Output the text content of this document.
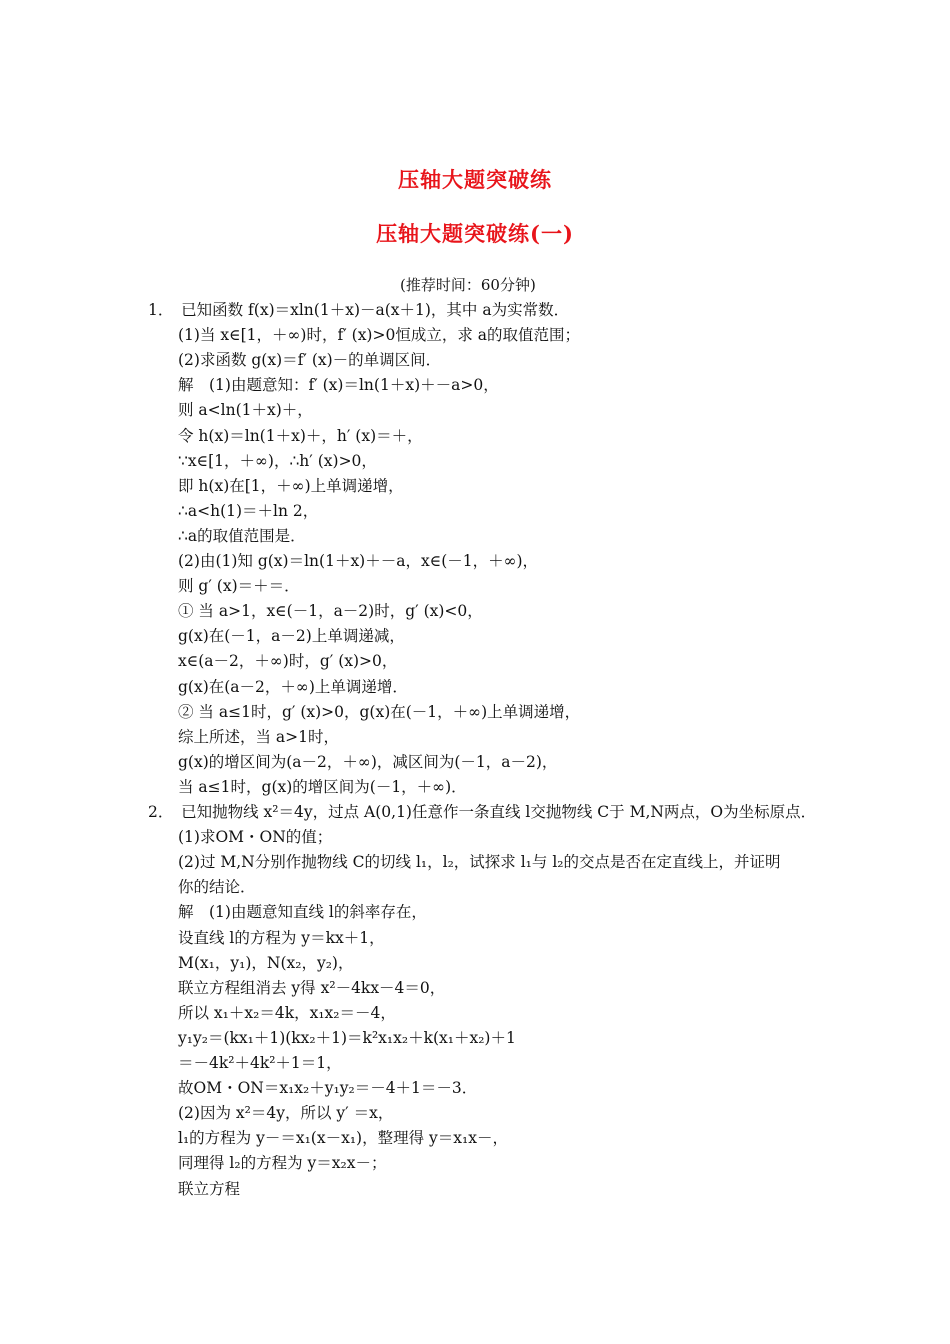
压轴大题突破练
压轴大题突破练(一)
(推荐时间：60分钟)
1．　已知函数 f(x)＝xln(1＋x)－a(x＋1)，其中 a为实常数．
(1)当 x∈[1，＋∞)时，f′ (x)>0恒成立，求 a的取值范围；
(2)求函数 g(x)＝f′ (x)－的单调区间．
解　(1)由题意知：f′ (x)＝ln(1＋x)＋－a>0，
则 a<ln(1＋x)＋，
令 h(x)＝ln(1＋x)＋，h′ (x)＝＋，
∵x∈[1，＋∞)，∴h′ (x)>0，
即 h(x)在[1，＋∞)上单调递增，
∴a<h(1)＝＋ln 2，
∴a的取值范围是．
(2)由(1)知 g(x)＝ln(1＋x)＋－a，x∈(－1，＋∞)，
则 g′ (x)＝＋＝．
① 当 a>1，x∈(－1，a－2)时，g′ (x)<0，
g(x)在(－1，a－2)上单调递减，
x∈(a－2，＋∞)时，g′ (x)>0，
g(x)在(a－2，＋∞)上单调递增．
② 当 a≤1时，g′ (x)>0，g(x)在(－1，＋∞)上单调递增，
综上所述，当 a>1时，
g(x)的增区间为(a－2，＋∞)，减区间为(－1，a－2)，
当 a≤1时，g(x)的增区间为(－1，＋∞)．
2．　已知抛物线 x²＝4y，过点 A(0,1)任意作一条直线 l交抛物线 C于 M,N两点，O为坐标原点．
(1)求OM・ON的值；
(2)过 M,N分别作抛物线 C的切线 l₁，l₂，试探求 l₁与 l₂的交点是否在定直线上，并证明
你的结论．
解　(1)由题意知直线 l的斜率存在，
设直线 l的方程为 y＝kx＋1，
M(x₁，y₁)，N(x₂，y₂)，
联立方程组消去 y得 x²－4kx－4＝0，
所以 x₁＋x₂＝4k，x₁x₂＝－4，
y₁y₂＝(kx₁＋1)(kx₂＋1)＝k²x₁x₂＋k(x₁＋x₂)＋1
＝－4k²＋4k²＋1＝1，
故OM・ON＝x₁x₂＋y₁y₂＝－4＋1＝－3．
(2)因为 x²＝4y，所以 y′ ＝x，
l₁的方程为 y－＝x₁(x－x₁)，整理得 y＝x₁x－，
同理得 l₂的方程为 y＝x₂x－；
联立方程
